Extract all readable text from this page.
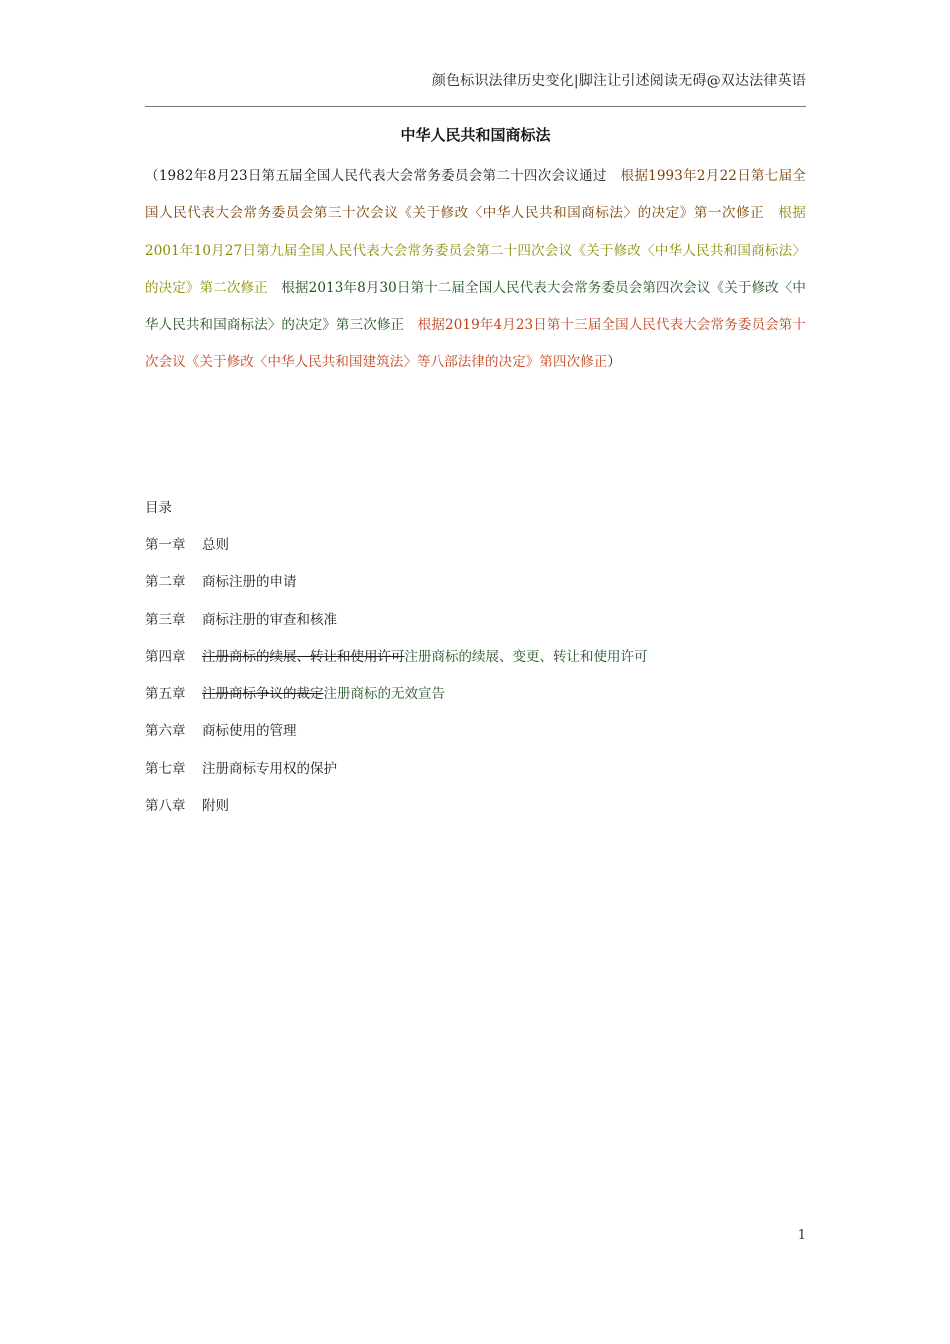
颜色标识法律历史变化|脚注让引述阅读无碍@双达法律英语
中华人民共和国商标法
（1982年8月23日第五届全国人民代表大会常务委员会第二十四次会议通过　 根据1993年2月22日第七届全国人民代表大会常务委员会第三十次会议《关于修改〈中华人民共和国商标法〉的决定》第一次修正　 根据2001年10月27日第九届全国人民代表大会常务委员会第二十四次会议《关于修改〈中华人民共和国商标法〉的决定》第二次修正　 根据2013年8月30日第十二届全国人民代表大会常务委员会第四次会议《关于修改〈中华人民共和国商标法〉的决定》第三次修正　 根据2019年4月23日第十三届全国人民代表大会常务委员会第十次会议《关于修改〈中华人民共和国建筑法〉等八部法律的决定》第四次修正）
目录
第一章 总则
第二章 商标注册的申请
第三章 商标注册的审查和核准
第四章 注册商标的续展、转让和使用许可注册商标的续展、变更、转让和使用许可
第五章 注册商标争议的裁定注册商标的无效宣告
第六章 商标使用的管理
第七章 注册商标专用权的保护
第八章 附则
1
